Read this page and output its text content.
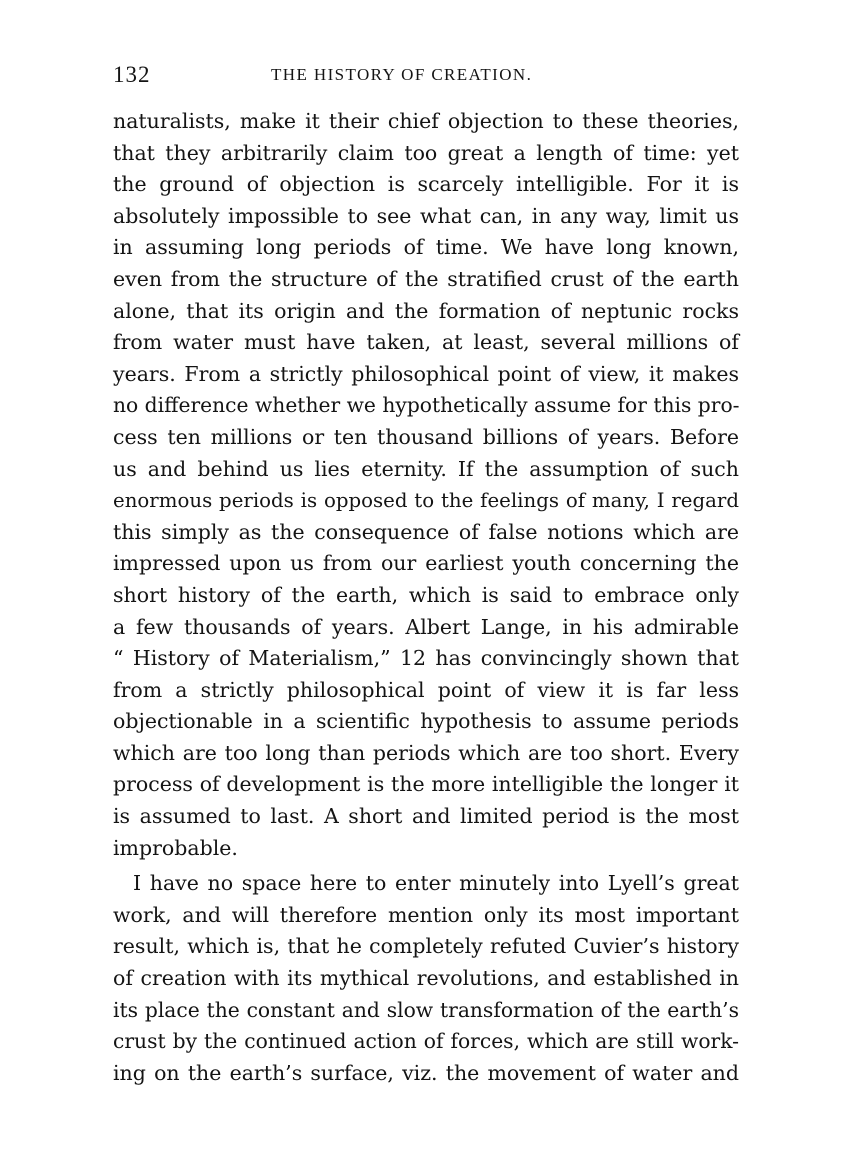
132	THE HISTORY OF CREATION.
naturalists, make it their chief objection to these theories,
that they arbitrarily claim too great a length of time: yet
the ground of objection is scarcely intelligible. For it is
absolutely impossible to see what can, in any way, limit us
in assuming long periods of time. We have long known,
even from the structure of the stratified crust of the earth
alone, that its origin and the formation of neptunic rocks
from water must have taken, at least, several millions of
years. From a strictly philosophical point of view, it makes
no difference whether we hypothetically assume for this pro-
cess ten millions or ten thousand billions of years. Before
us and behind us lies eternity. If the assumption of such
enormous periods is opposed to the feelings of many, I regard
this simply as the consequence of false notions which are
impressed upon us from our earliest youth concerning the
short history of the earth, which is said to embrace only
a few thousands of years. Albert Lange, in his admirable
“ History of Materialism,” 12 has convincingly shown that
from a strictly philosophical point of view it is far less
objectionable in a scientific hypothesis to assume periods
which are too long than periods which are too short. Every
process of development is the more intelligible the longer it
is assumed to last. A short and limited period is the most
improbable.
I have no space here to enter minutely into Lyell’s great
work, and will therefore mention only its most important
result, which is, that he completely refuted Cuvier’s history
of creation with its mythical revolutions, and established in
its place the constant and slow transformation of the earth’s
crust by the continued action of forces, which are still work-
ing on the earth’s surface, viz. the movement of water and
